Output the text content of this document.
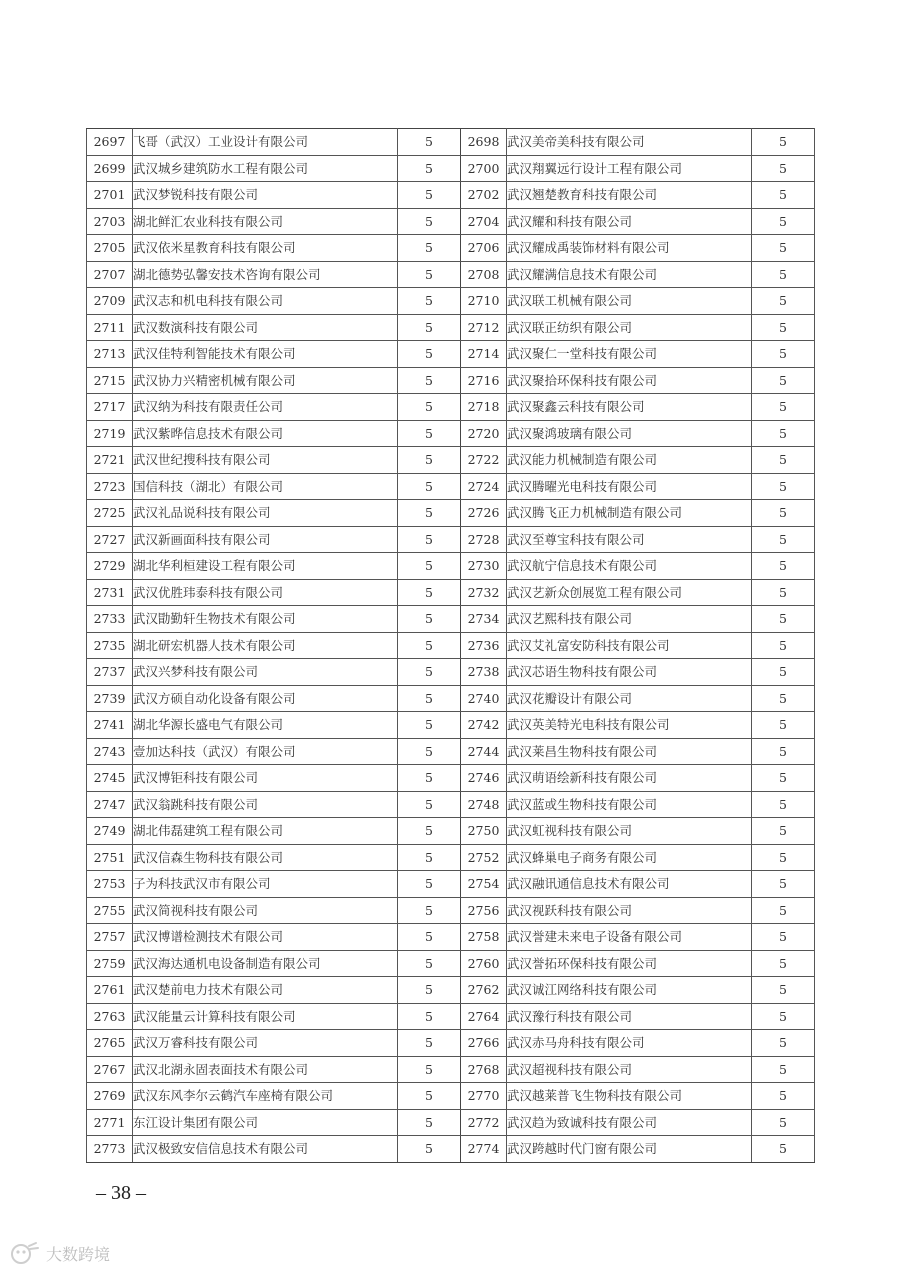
2697	飞哥（武汉）工业设计有限公司	5	2698	武汉美帝美科技有限公司	5
2699	武汉城乡建筑防水工程有限公司	5	2700	武汉翔翼远行设计工程有限公司	5
2701	武汉梦锐科技有限公司	5	2702	武汉翘楚教育科技有限公司	5
2703	湖北鲜汇农业科技有限公司	5	2704	武汉耀和科技有限公司	5
2705	武汉依米星教育科技有限公司	5	2706	武汉耀成禹装饰材料有限公司	5
2707	湖北德势弘馨安技术咨询有限公司	5	2708	武汉耀满信息技术有限公司	5
2709	武汉志和机电科技有限公司	5	2710	武汉联工机械有限公司	5
2711	武汉数演科技有限公司	5	2712	武汉联正纺织有限公司	5
2713	武汉佳特利智能技术有限公司	5	2714	武汉聚仁一堂科技有限公司	5
2715	武汉协力兴精密机械有限公司	5	2716	武汉聚拾环保科技有限公司	5
2717	武汉纳为科技有限责任公司	5	2718	武汉聚鑫云科技有限公司	5
2719	武汉紫晔信息技术有限公司	5	2720	武汉聚鸿玻璃有限公司	5
2721	武汉世纪搜科技有限公司	5	2722	武汉能力机械制造有限公司	5
2723	国信科技（湖北）有限公司	5	2724	武汉腾曜光电科技有限公司	5
2725	武汉礼品说科技有限公司	5	2726	武汉腾飞正力机械制造有限公司	5
2727	武汉新画面科技有限公司	5	2728	武汉至尊宝科技有限公司	5
2729	湖北华利桓建设工程有限公司	5	2730	武汉航宁信息技术有限公司	5
2731	武汉优胜玮泰科技有限公司	5	2732	武汉艺新众创展览工程有限公司	5
2733	武汉勖勤轩生物技术有限公司	5	2734	武汉艺熙科技有限公司	5
2735	湖北研宏机器人技术有限公司	5	2736	武汉艾礼富安防科技有限公司	5
2737	武汉兴梦科技有限公司	5	2738	武汉芯语生物科技有限公司	5
2739	武汉方硕自动化设备有限公司	5	2740	武汉花瓣设计有限公司	5
2741	湖北华源长盛电气有限公司	5	2742	武汉英美特光电科技有限公司	5
2743	壹加达科技（武汉）有限公司	5	2744	武汉莱昌生物科技有限公司	5
2745	武汉博钜科技有限公司	5	2746	武汉萌语绘新科技有限公司	5
2747	武汉翁跳科技有限公司	5	2748	武汉蓝或生物科技有限公司	5
2749	湖北伟磊建筑工程有限公司	5	2750	武汉虹视科技有限公司	5
2751	武汉信森生物科技有限公司	5	2752	武汉蜂巢电子商务有限公司	5
2753	子为科技武汉市有限公司	5	2754	武汉融讯通信息技术有限公司	5
2755	武汉简视科技有限公司	5	2756	武汉视跃科技有限公司	5
2757	武汉博谱检测技术有限公司	5	2758	武汉誉建未来电子设备有限公司	5
2759	武汉海达通机电设备制造有限公司	5	2760	武汉誉拓环保科技有限公司	5
2761	武汉楚前电力技术有限公司	5	2762	武汉诚江网络科技有限公司	5
2763	武汉能量云计算科技有限公司	5	2764	武汉豫行科技有限公司	5
2765	武汉万睿科技有限公司	5	2766	武汉赤马舟科技有限公司	5
2767	武汉北湖永固表面技术有限公司	5	2768	武汉超视科技有限公司	5
2769	武汉东风李尔云鹤汽车座椅有限公司	5	2770	武汉越莱普飞生物科技有限公司	5
2771	东江设计集团有限公司	5	2772	武汉趋为致诚科技有限公司	5
2773	武汉极致安信信息技术有限公司	5	2774	武汉跨越时代门窗有限公司	5
– 38 –
大数跨境
